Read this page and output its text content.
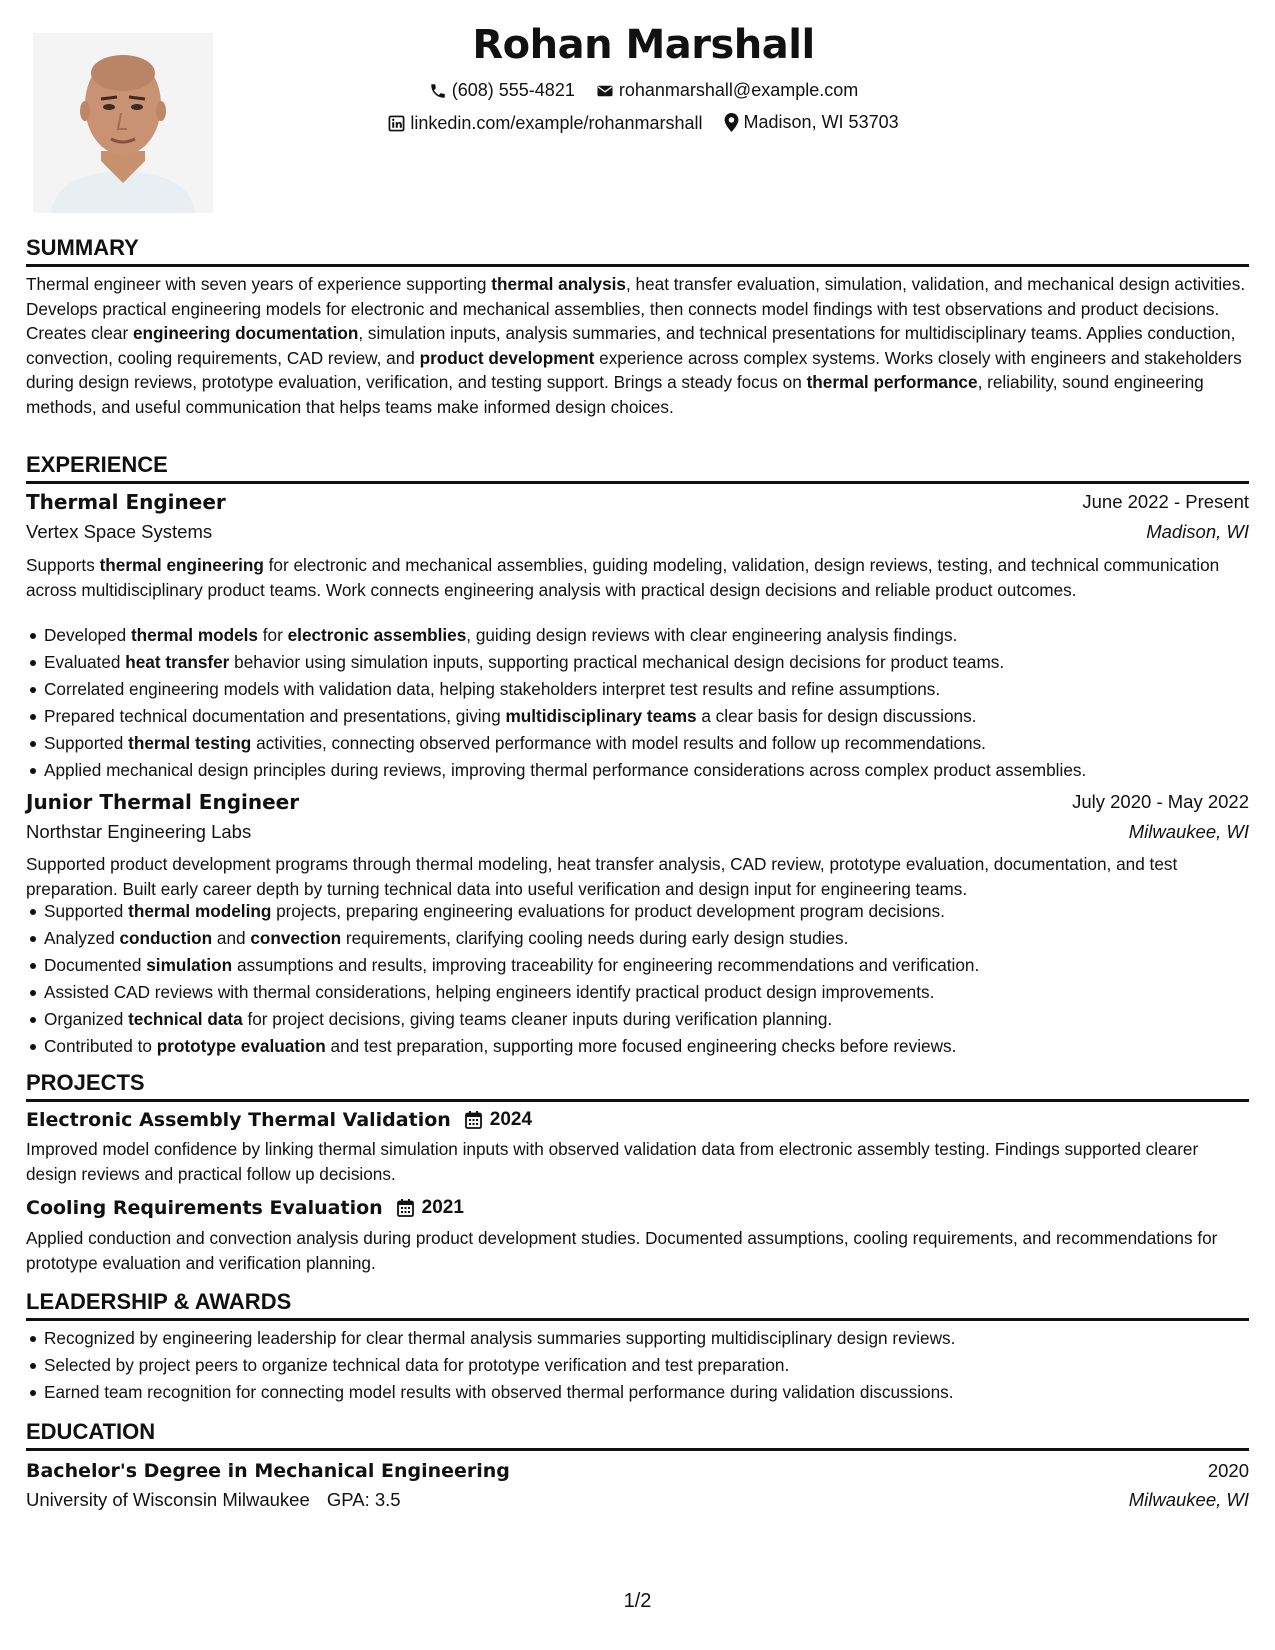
Rohan Marshall
(608) 555-4821
rohanmarshall@example.com
linkedin.com/example/rohanmarshall
Madison, WI 53703
SUMMARY
Thermal engineer with seven years of experience supporting thermal analysis, heat transfer evaluation, simulation, validation, and mechanical design activities. Develops practical engineering models for electronic and mechanical assemblies, then connects model findings with test observations and product decisions. Creates clear engineering documentation, simulation inputs, analysis summaries, and technical presentations for multidisciplinary teams. Applies conduction, convection, cooling requirements, CAD review, and product development experience across complex systems. Works closely with engineers and stakeholders during design reviews, prototype evaluation, verification, and testing support. Brings a steady focus on thermal performance, reliability, sound engineering methods, and useful communication that helps teams make informed design choices.
EXPERIENCE
Thermal Engineer	June 2022 - Present
Vertex Space Systems	Madison, WI
Supports thermal engineering for electronic and mechanical assemblies, guiding modeling, validation, design reviews, testing, and technical communication across multidisciplinary product teams. Work connects engineering analysis with practical design decisions and reliable product outcomes.
Developed thermal models for electronic assemblies, guiding design reviews with clear engineering analysis findings.
Evaluated heat transfer behavior using simulation inputs, supporting practical mechanical design decisions for product teams.
Correlated engineering models with validation data, helping stakeholders interpret test results and refine assumptions.
Prepared technical documentation and presentations, giving multidisciplinary teams a clear basis for design discussions.
Supported thermal testing activities, connecting observed performance with model results and follow up recommendations.
Applied mechanical design principles during reviews, improving thermal performance considerations across complex product assemblies.
Junior Thermal Engineer	July 2020 - May 2022
Northstar Engineering Labs	Milwaukee, WI
Supported product development programs through thermal modeling, heat transfer analysis, CAD review, prototype evaluation, documentation, and test preparation. Built early career depth by turning technical data into useful verification and design input for engineering teams.
Supported thermal modeling projects, preparing engineering evaluations for product development program decisions.
Analyzed conduction and convection requirements, clarifying cooling needs during early design studies.
Documented simulation assumptions and results, improving traceability for engineering recommendations and verification.
Assisted CAD reviews with thermal considerations, helping engineers identify practical product design improvements.
Organized technical data for project decisions, giving teams cleaner inputs during verification planning.
Contributed to prototype evaluation and test preparation, supporting more focused engineering checks before reviews.
PROJECTS
Electronic Assembly Thermal Validation 2024
Improved model confidence by linking thermal simulation inputs with observed validation data from electronic assembly testing. Findings supported clearer design reviews and practical follow up decisions.
Cooling Requirements Evaluation 2021
Applied conduction and convection analysis during product development studies. Documented assumptions, cooling requirements, and recommendations for prototype evaluation and verification planning.
LEADERSHIP & AWARDS
Recognized by engineering leadership for clear thermal analysis summaries supporting multidisciplinary design reviews.
Selected by project peers to organize technical data for prototype verification and test preparation.
Earned team recognition for connecting model results with observed thermal performance during validation discussions.
EDUCATION
Bachelor's Degree in Mechanical Engineering	2020
University of Wisconsin Milwaukee GPA: 3.5	Milwaukee, WI
1/2
